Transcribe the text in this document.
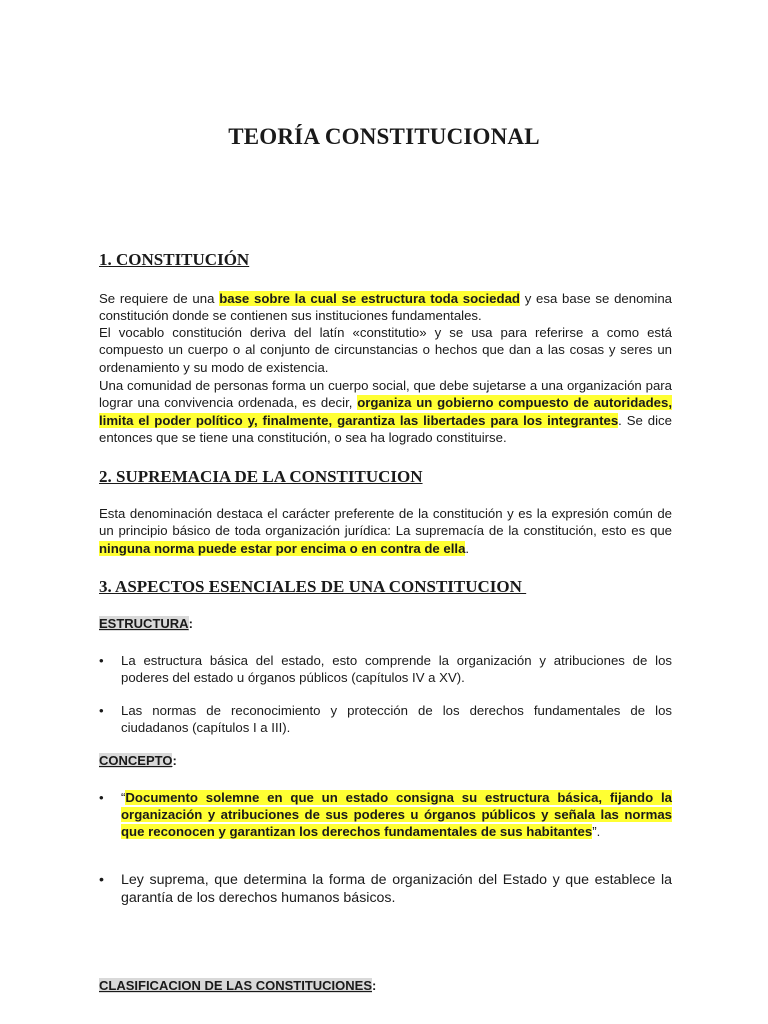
TEORÍA CONSTITUCIONAL
1. CONSTITUCIÓN

Se requiere de una base sobre la cual se estructura toda sociedad y esa base se denomina constitución donde se contienen sus instituciones fundamentales.

El vocablo constitución deriva del latín «constitutio» y se usa para referirse a como está compuesto un cuerpo o al conjunto de circunstancias o hechos que dan a las cosas y seres un ordenamiento y su modo de existencia.

Una comunidad de personas forma un cuerpo social, que debe sujetarse a una organización para lograr una convivencia ordenada, es decir, organiza un gobierno compuesto de autoridades, limita el poder político y, finalmente, garantiza las libertades para los integrantes. Se dice entonces que se tiene una constitución, o sea ha logrado constituirse.

2. SUPREMACIA DE LA CONSTITUCION

Esta denominación destaca el carácter preferente de la constitución y es la expresión común de un principio básico de toda organización jurídica: La supremacía de la constitución, esto es que ninguna norma puede estar por encima o en contra de ella.

3. ASPECTOS ESENCIALES DE UNA CONSTITUCION

ESTRUCTURA:

•	La estructura básica del estado, esto comprende la organización y atribuciones de los poderes del estado u órganos públicos (capítulos IV a XV).
•	Las normas de reconocimiento y protección de los derechos fundamentales de los ciudadanos (capítulos I a III).

CONCEPTO:

•	“Documento solemne en que un estado consigna su estructura básica, fijando la organización y atribuciones de sus poderes u órganos públicos y señala las normas que reconocen y garantizan los derechos fundamentales de sus habitantes”.
•	Ley suprema, que determina la forma de organización del Estado y que establece la garantía de los derechos humanos básicos.

CLASIFICACION DE LAS CONSTITUCIONES:
